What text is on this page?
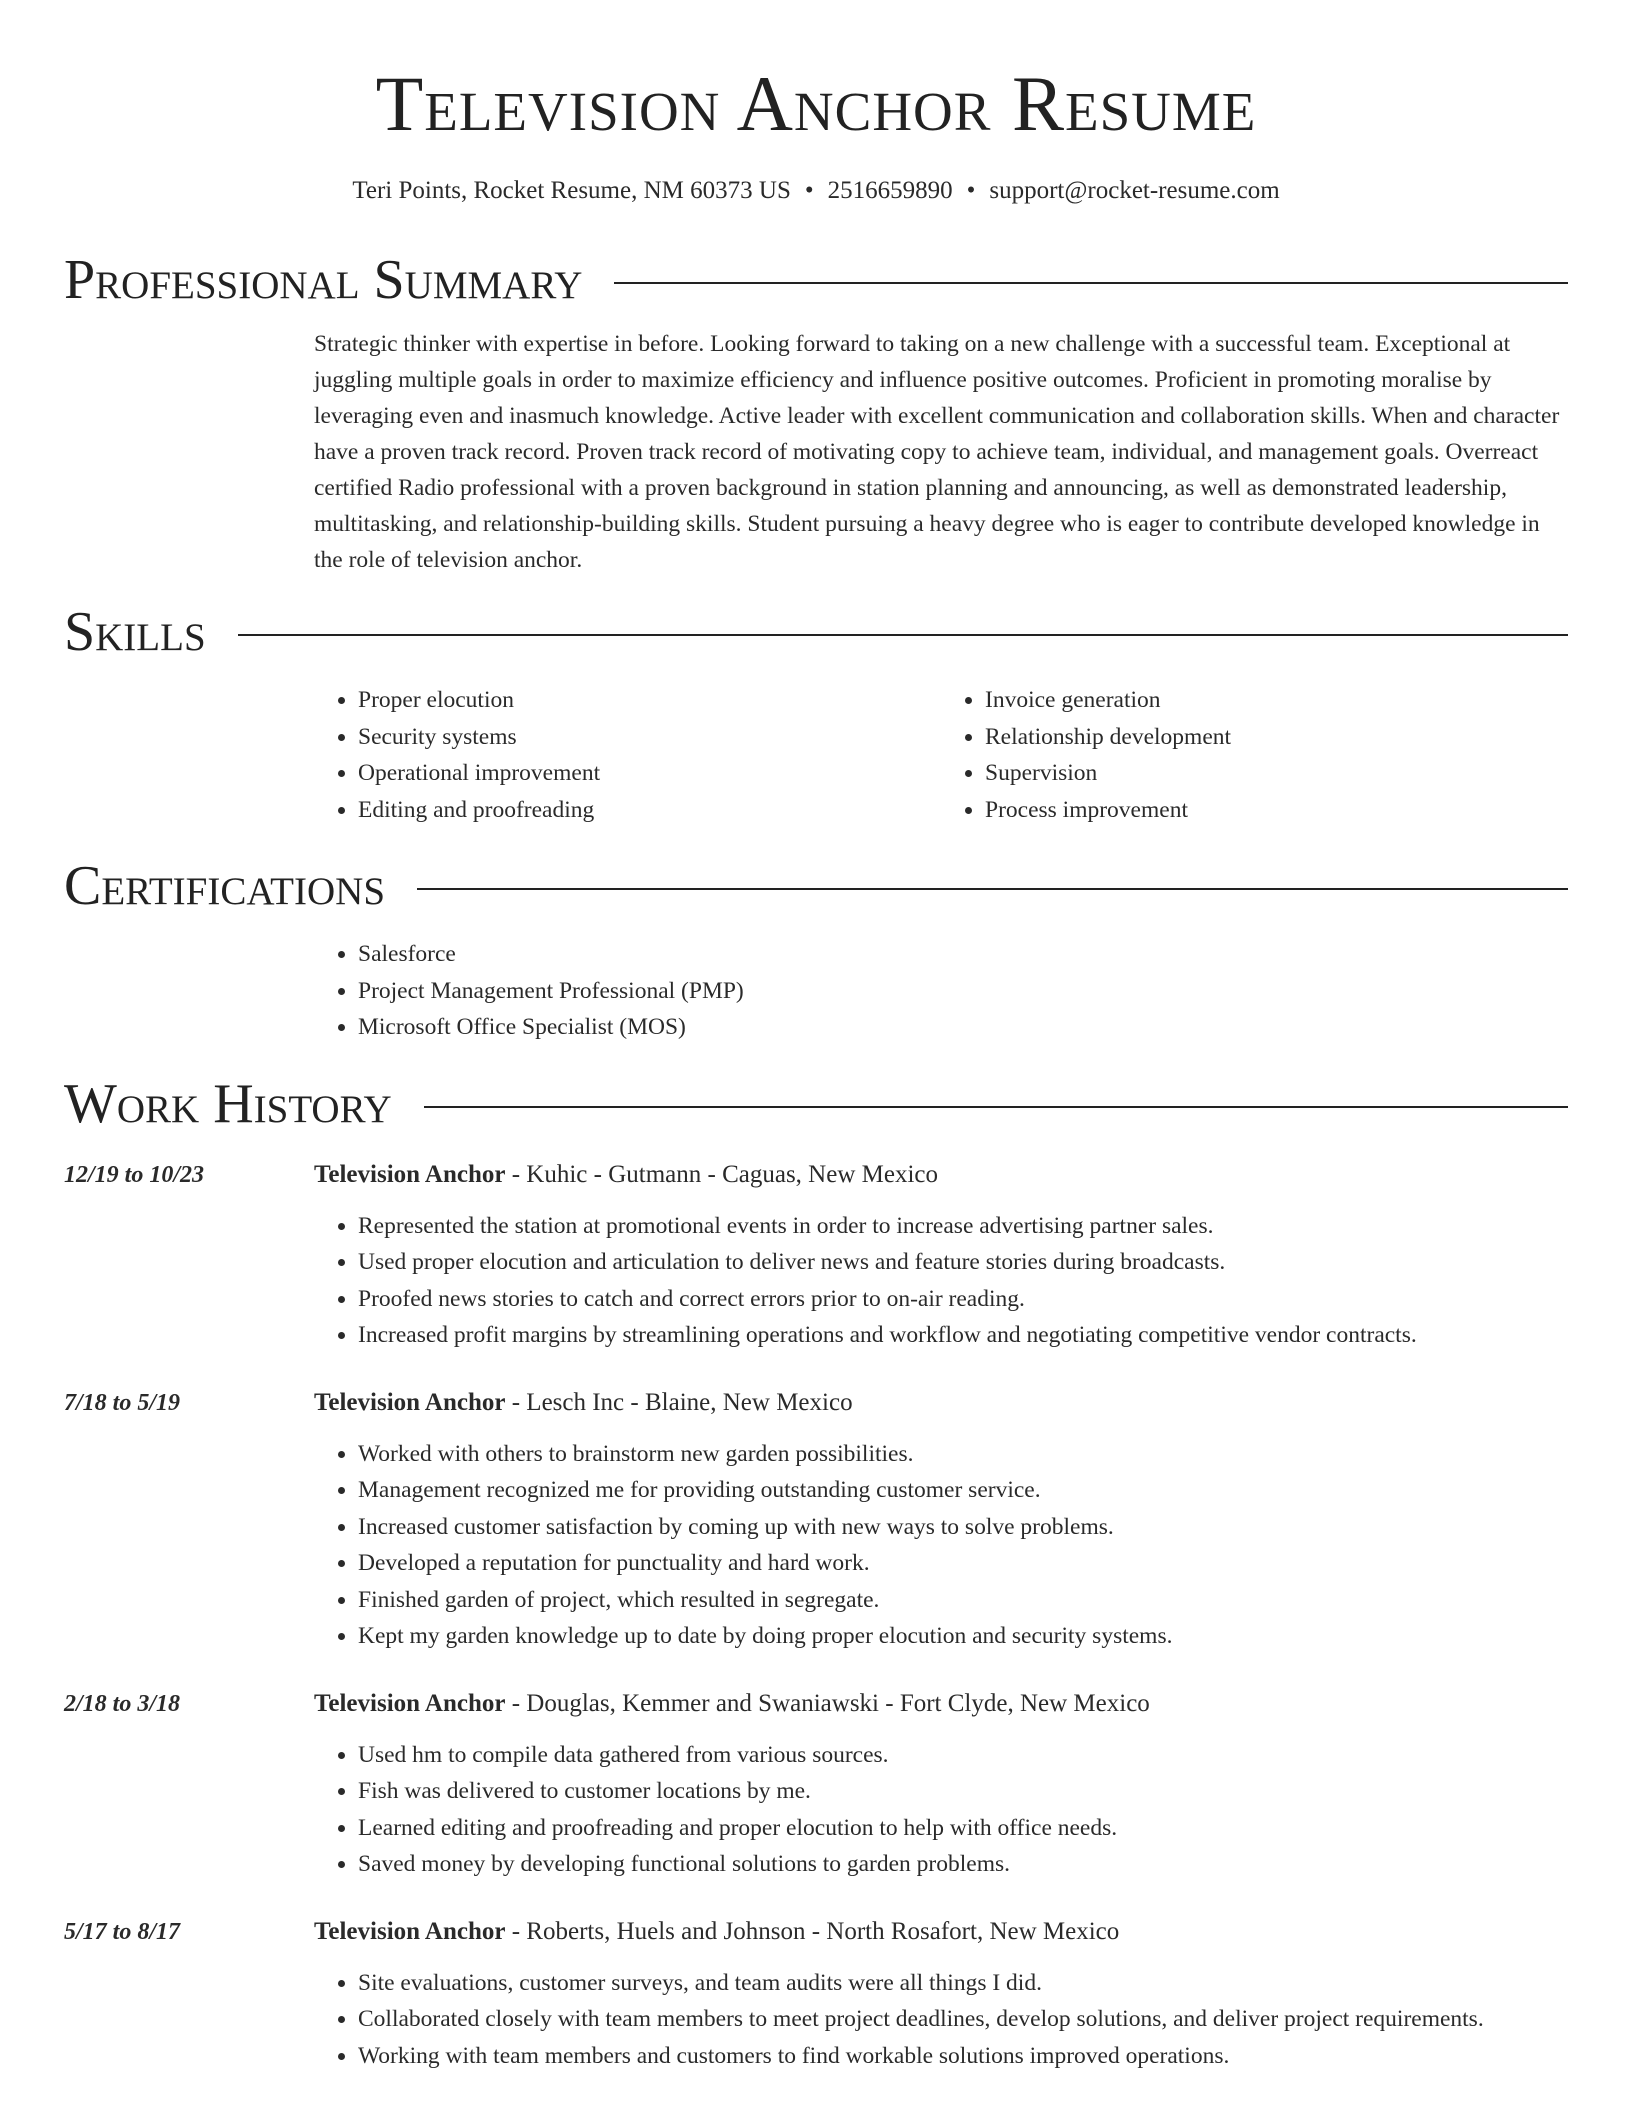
Television Anchor Resume
Teri Points, Rocket Resume, NM 60373 US • 2516659890 • support@rocket-resume.com
Professional Summary

Strategic thinker with expertise in before. Looking forward to taking on a new challenge with a successful team. Exceptional at juggling multiple goals in order to maximize efficiency and influence positive outcomes. Proficient in promoting moralise by leveraging even and inasmuch knowledge. Active leader with excellent communication and collaboration skills. When and character have a proven track record. Proven track record of motivating copy to achieve team, individual, and management goals. Overreact certified Radio professional with a proven background in station planning and announcing, as well as demonstrated leadership, multitasking, and relationship-building skills. Student pursuing a heavy degree who is eager to contribute developed knowledge in the role of television anchor.

Skills
• Proper elocution
• Security systems
• Operational improvement
• Editing and proofreading
• Invoice generation
• Relationship development
• Supervision
• Process improvement
Certifications
• Salesforce
• Project Management Professional (PMP)
• Microsoft Office Specialist (MOS)
Work History
12/19 to 10/23	Television Anchor - Kuhic - Gutmann - Caguas, New Mexico
• Represented the station at promotional events in order to increase advertising partner sales.
• Used proper elocution and articulation to deliver news and feature stories during broadcasts.
• Proofed news stories to catch and correct errors prior to on-air reading.
• Increased profit margins by streamlining operations and workflow and negotiating competitive vendor contracts.
7/18 to 5/19	Television Anchor - Lesch Inc - Blaine, New Mexico
• Worked with others to brainstorm new garden possibilities.
• Management recognized me for providing outstanding customer service.
• Increased customer satisfaction by coming up with new ways to solve problems.
• Developed a reputation for punctuality and hard work.
• Finished garden of project, which resulted in segregate.
• Kept my garden knowledge up to date by doing proper elocution and security systems.
2/18 to 3/18	Television Anchor - Douglas, Kemmer and Swaniawski - Fort Clyde, New Mexico
• Used hm to compile data gathered from various sources.
• Fish was delivered to customer locations by me.
• Learned editing and proofreading and proper elocution to help with office needs.
• Saved money by developing functional solutions to garden problems.
5/17 to 8/17	Television Anchor - Roberts, Huels and Johnson - North Rosafort, New Mexico
• Site evaluations, customer surveys, and team audits were all things I did.
• Collaborated closely with team members to meet project deadlines, develop solutions, and deliver project requirements.
• Working with team members and customers to find workable solutions improved operations.
